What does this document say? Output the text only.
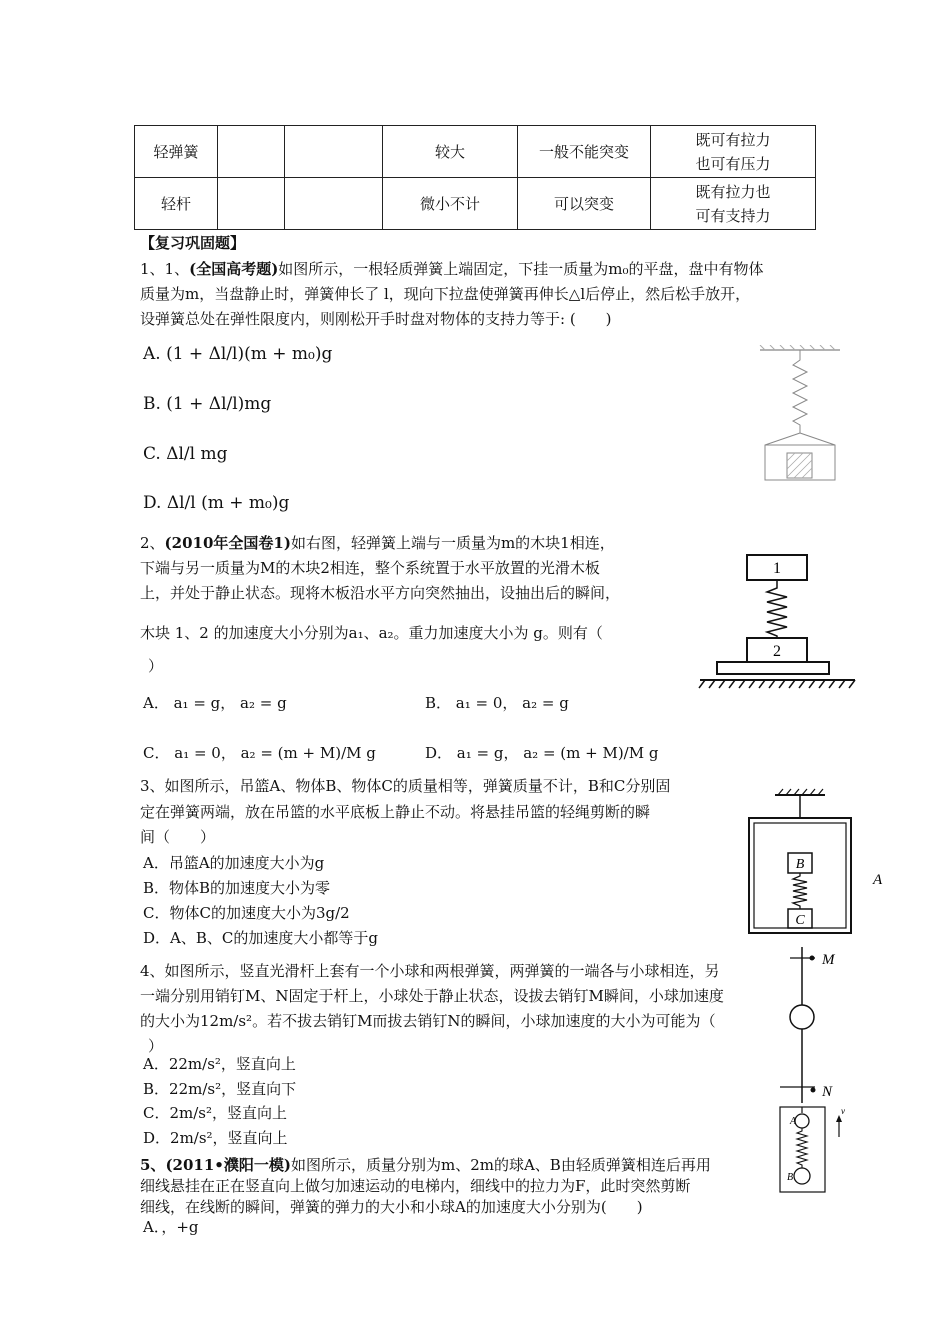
轻弹簧			较大	一般不能突变	既可有拉力
也可有压力

轻杆			微小不计	可以突变	既有拉力也
可有支持力
【复习巩固题】
1、1、(全国高考题)如图所示，一根轻质弹簧上端固定，下挂一质量为m₀的平盘，盘中有物体
质量为m，当盘静止时，弹簧伸长了 l，现向下拉盘使弹簧再伸长△l后停止，然后松手放开，
设弹簧总处在弹性限度内，则刚松开手时盘对物体的支持力等于: (　　)
A. (1 + Δl/l)(m + m₀)g
B. (1 + Δl/l)mg
C. Δl/l mg
D. Δl/l (m + m₀)g
2、(2010年全国卷1)如右图，轻弹簧上端与一质量为m的木块1相连，
下端与另一质量为M的木块2相连，整个系统置于水平放置的光滑木板
上，并处于静止状态。现将木板沿水平方向突然抽出，设抽出后的瞬间，
木块 1、2 的加速度大小分别为a₁、a₂。重力加速度大小为 g。则有（
）
A． a₁ = g， a₂ = g	B． a₁ = 0， a₂ = g
C． a₁ = 0， a₂ = (m + M)/M g	D． a₁ = g， a₂ = (m + M)/M g
1
2
3、如图所示，吊篮A、物体B、物体C的质量相等，弹簧质量不计，B和C分别固
定在弹簧两端，放在吊篮的水平底板上静止不动。将悬挂吊篮的轻绳剪断的瞬
间（　　）
A．吊篮A的加速度大小为g
B．物体B的加速度大小为零
C．物体C的加速度大小为3g/2
D．A、B、C的加速度大小都等于g
B
C
A
4、如图所示，竖直光滑杆上套有一个小球和两根弹簧，两弹簧的一端各与小球相连，另
一端分别用销钉M、N固定于杆上，小球处于静止状态，设拔去销钉M瞬间，小球加速度
的大小为12m/s²。若不拔去销钉M而拔去销钉N的瞬间，小球加速度的大小为可能为（
）
A．22m/s²，竖直向上
B．22m/s²，竖直向下
C．2m/s²，竖直向上
D．2m/s²，竖直向上
M
N
5、(2011•濮阳一模)如图所示，质量分别为m、2m的球A、B由轻质弹簧相连后再用
细线悬挂在正在竖直向上做匀加速运动的电梯内，细线中的拉力为F，此时突然剪断
细线，在线断的瞬间，弹簧的弹力的大小和小球A的加速度大小分别为(　　)
A．，+g
A
B
v
